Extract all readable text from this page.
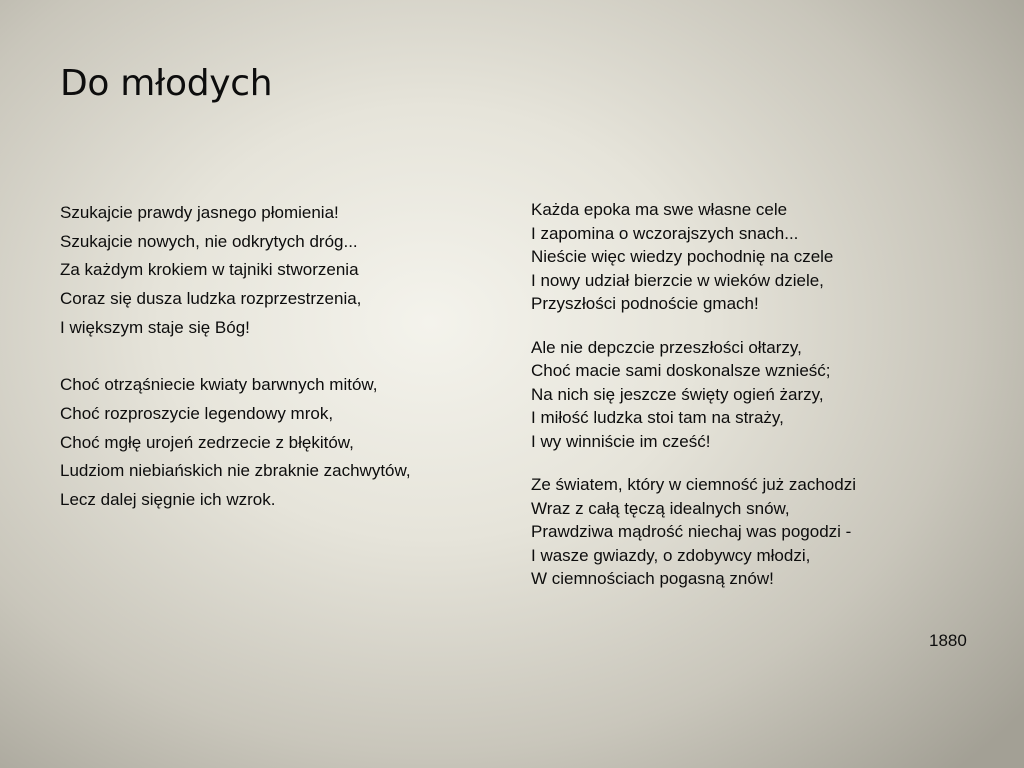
Do młodych
Szukajcie prawdy jasnego płomienia!
Szukajcie nowych, nie odkrytych dróg...
Za każdym krokiem w tajniki stworzenia
Coraz się dusza ludzka rozprzestrzenia,
I większym staje się Bóg!
Choć otrząśniecie kwiaty barwnych mitów,
Choć rozproszycie legendowy mrok,
Choć mgłę urojeń zedrzecie z błękitów,
Ludziom niebiańskich nie zbraknie zachwytów,
Lecz dalej sięgnie ich wzrok.
Każda epoka ma swe własne cele
I zapomina o wczorajszych snach...
Nieście więc wiedzy pochodnię na czele
I nowy udział bierzcie w wieków dziele,
Przyszłości podnoście gmach!
Ale nie depczcie przeszłości ołtarzy,
Choć macie sami doskonalsze wznieść;
Na nich się jeszcze święty ogień żarzy,
I miłość ludzka stoi tam na straży,
I wy winniście im cześć!
Ze światem, który w ciemność już zachodzi
Wraz z całą tęczą idealnych snów,
Prawdziwa mądrość niechaj was pogodzi -
I wasze gwiazdy, o zdobywcy młodzi,
W ciemnościach pogasną znów!
1880
